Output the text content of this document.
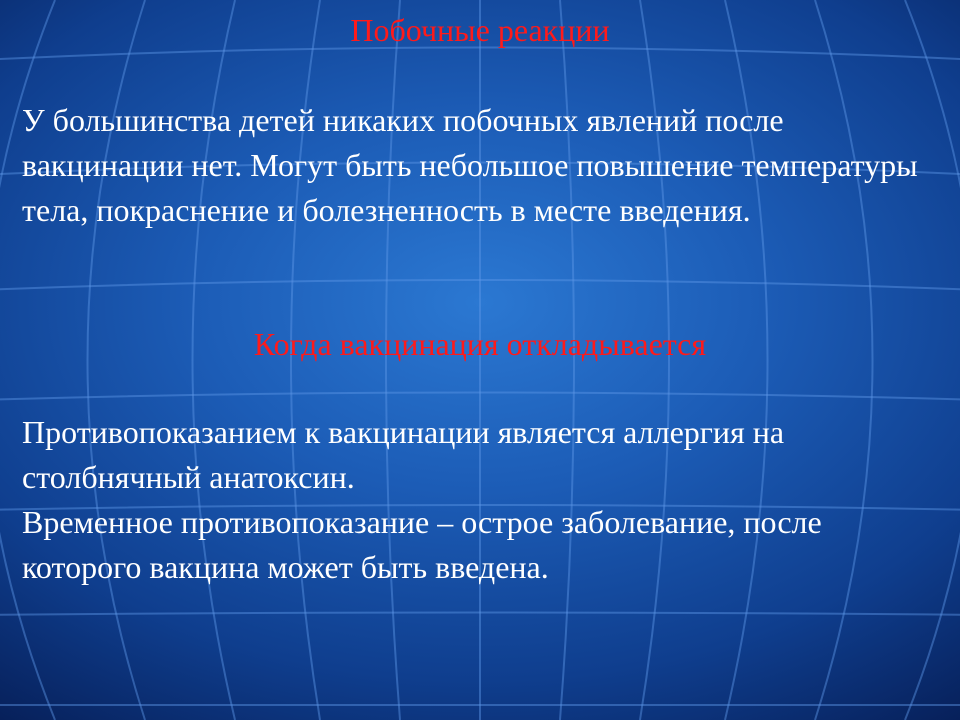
Побочные реакции

У большинства детей никаких побочных явлений после вакцинации нет. Могут быть небольшое повышение температуры тела, покраснение и болезненность в месте введения.

Когда вакцинация откладывается

Противопоказанием к вакцинации является аллергия на столбнячный анатоксин.

Временное противопоказание – острое заболевание, после которого вакцина может быть введена.
